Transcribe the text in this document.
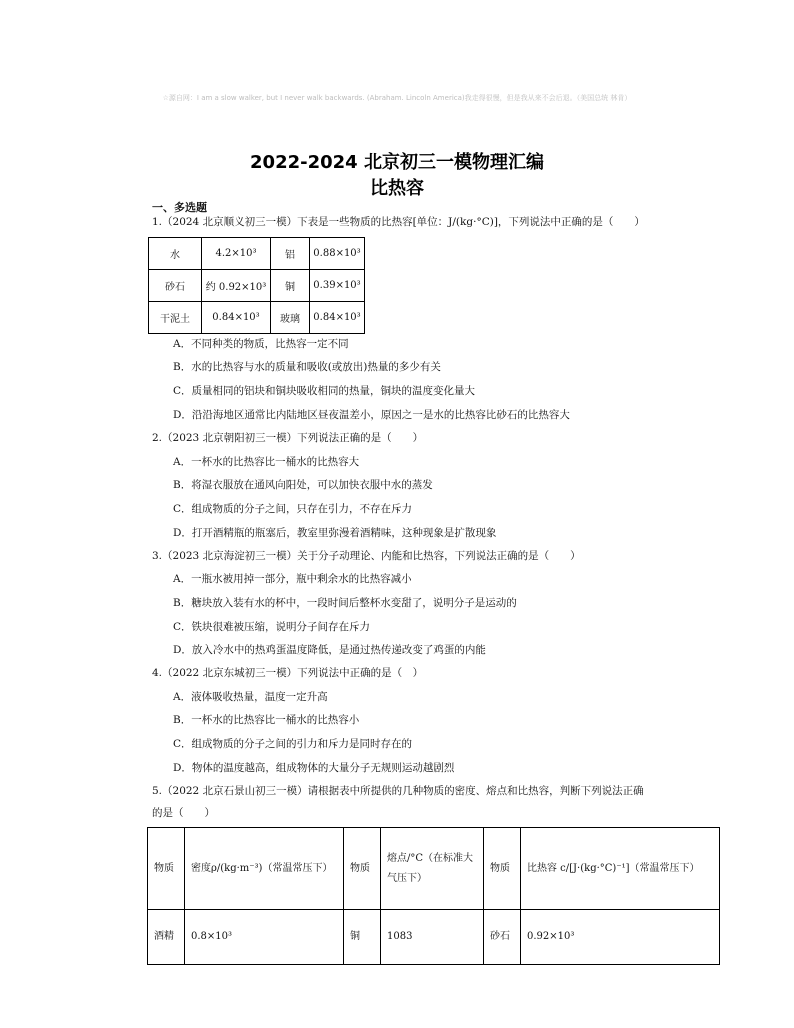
☆源自网：I am a slow walker, but I never walk backwards. (Abraham. Lincoln America)我走得很慢，但是我从来不会后退。（美国总统 林肯）
2022-2024 北京初三一模物理汇编
比热容
一、多选题
1.（2024 北京顺义初三一模）下表是一些物质的比热容[单位：J/(kg·°C)]，下列说法中正确的是（　　）
水	4.2×10³	铝	0.88×10³
砂石	约 0.92×10³	铜	0.39×10³
干泥土	0.84×10³	玻璃	0.84×10³
A．不同种类的物质，比热容一定不同
B．水的比热容与水的质量和吸收(或放出)热量的多少有关
C．质量相同的铝块和铜块吸收相同的热量，铜块的温度变化量大
D．沿沿海地区通常比内陆地区昼夜温差小，原因之一是水的比热容比砂石的比热容大
2.（2023 北京朝阳初三一模）下列说法正确的是（　　）
A．一杯水的比热容比一桶水的比热容大
B．将湿衣服放在通风向阳处，可以加快衣服中水的蒸发
C．组成物质的分子之间，只存在引力，不存在斥力
D．打开酒精瓶的瓶塞后，教室里弥漫着酒精味，这种现象是扩散现象
3.（2023 北京海淀初三一模）关于分子动理论、内能和比热容，下列说法正确的是（　　）
A．一瓶水被用掉一部分，瓶中剩余水的比热容减小
B．糖块放入装有水的杯中，一段时间后整杯水变甜了，说明分子是运动的
C．铁块很难被压缩，说明分子间存在斥力
D．放入冷水中的热鸡蛋温度降低，是通过热传递改变了鸡蛋的内能
4.（2022 北京东城初三一模）下列说法中正确的是（　）
A．液体吸收热量，温度一定升高
B．一杯水的比热容比一桶水的比热容小
C．组成物质的分子之间的引力和斥力是同时存在的
D．物体的温度越高，组成物体的大量分子无规则运动越剧烈
5.（2022 北京石景山初三一模）请根据表中所提供的几种物质的密度、熔点和比热容，判断下列说法正确
的是（　　）
物质	密度ρ/(kg·m⁻³)（常温常压下）	物质	熔点/°C（在标准大气压下）	物质	比热容 c/[J·(kg·°C)⁻¹]（常温常压下）
酒精	0.8×10³	铜	1083	砂石	0.92×10³
